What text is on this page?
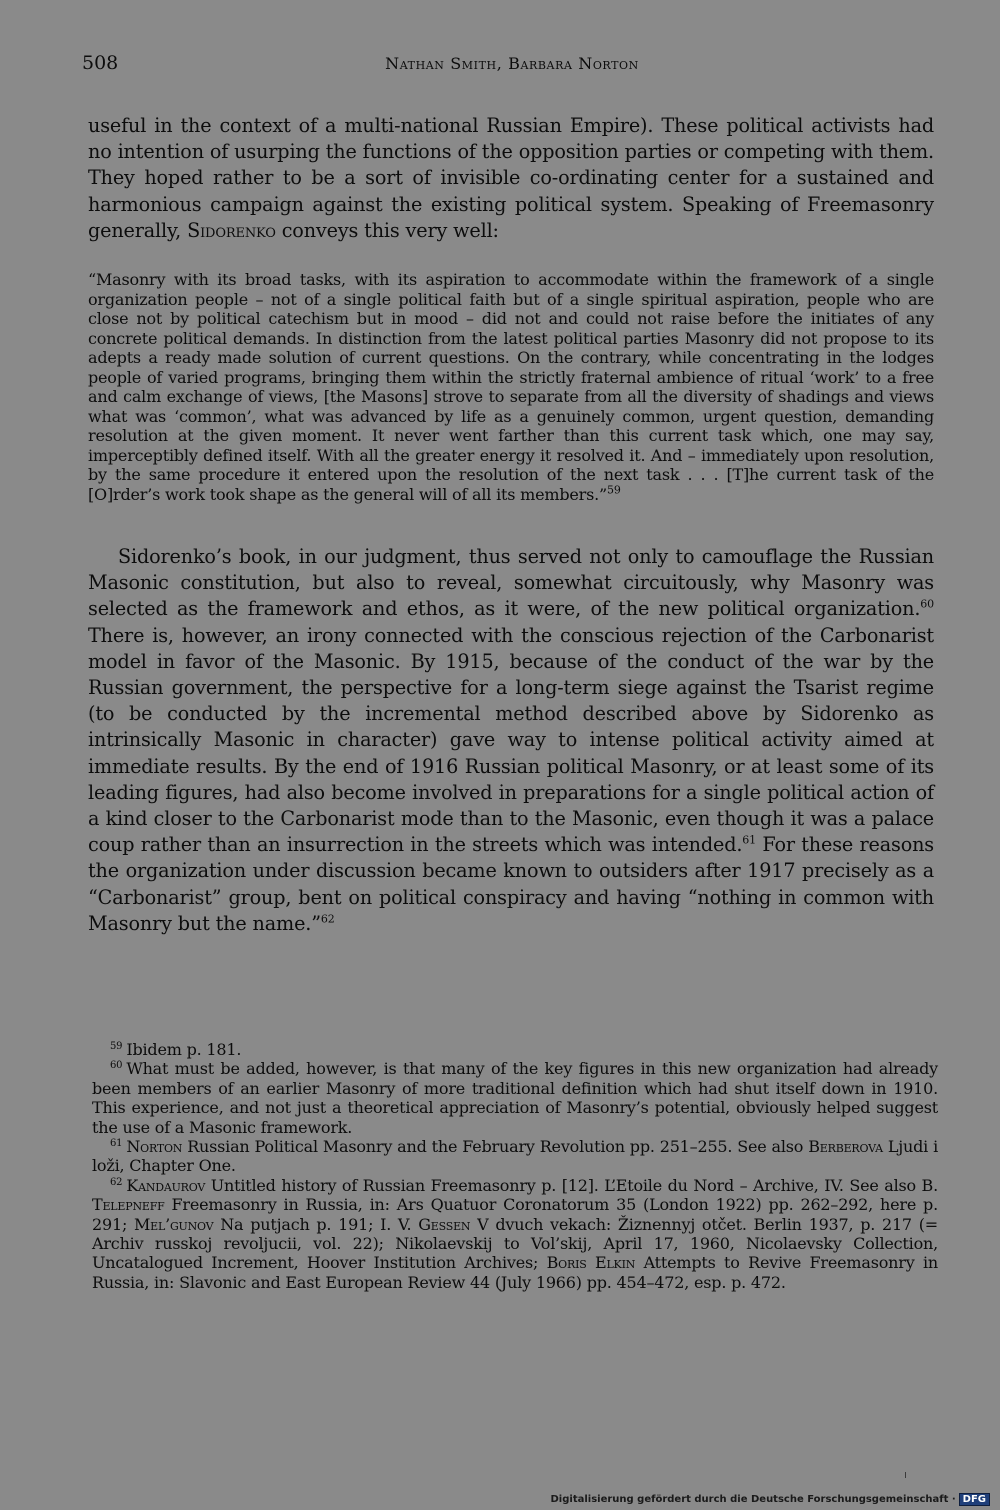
508	Nathan Smith, Barbara Norton

useful in the context of a multi-national Russian Empire). These political activists had no intention of usurping the functions of the opposition parties or competing with them. They hoped rather to be a sort of invisible co-ordinating center for a sustained and harmonious campaign against the existing political system. Speaking of Freemasonry generally, Sidorenko conveys this very well:

“Masonry with its broad tasks, with its aspiration to accommodate within the framework of a single organization people – not of a single political faith but of a single spiritual aspiration, people who are close not by political catechism but in mood – did not and could not raise before the initiates of any concrete political demands. In distinction from the latest political parties Masonry did not propose to its adepts a ready made solution of current questions. On the contrary, while concentrating in the lodges people of varied programs, bringing them within the strictly fraternal ambience of ritual ‘work’ to a free and calm exchange of views, [the Masons] strove to separate from all the diversity of shadings and views what was ‘common’, what was advanced by life as a genuinely common, urgent question, demanding resolution at the given moment. It never went farther than this current task which, one may say, imperceptibly defined itself. With all the greater energy it resolved it. And – immediately upon resolution, by the same procedure it entered upon the resolution of the next task . . . [T]he current task of the [O]rder’s work took shape as the general will of all its members.”$^{59}$

Sidorenko’s book, in our judgment, thus served not only to camouflage the Russian Masonic constitution, but also to reveal, somewhat circuitously, why Masonry was selected as the framework and ethos, as it were, of the new political organization.$^{60}$ There is, however, an irony connected with the conscious rejection of the Carbonarist model in favor of the Masonic. By 1915, because of the conduct of the war by the Russian government, the perspective for a long-term siege against the Tsarist regime (to be conducted by the incremental method described above by Sidorenko as intrinsically Masonic in character) gave way to intense political activity aimed at immediate results. By the end of 1916 Russian political Masonry, or at least some of its leading figures, had also become involved in preparations for a single political action of a kind closer to the Carbonarist mode than to the Masonic, even though it was a palace coup rather than an insurrection in the streets which was intended.$^{61}$ For these reasons the organization under discussion became known to outsiders after 1917 precisely as a “Carbonarist” group, bent on political conspiracy and having “nothing in common with Masonry but the name.”$^{62}$

$^{59}$ Ibidem p. 181.

$^{60}$ What must be added, however, is that many of the key figures in this new organization had already been members of an earlier Masonry of more traditional definition which had shut itself down in 1910. This experience, and not just a theoretical appreciation of Masonry’s potential, obviously helped suggest the use of a Masonic framework.

$^{61}$ Norton Russian Political Masonry and the February Revolution pp. 251–255. See also Berberova Ljudi i loži, Chapter One.

$^{62}$ Kandaurov Untitled history of Russian Freemasonry p. [12]. L’Etoile du Nord – Archive, IV. See also B. Telepneff Freemasonry in Russia, in: Ars Quatuor Coronatorum 35 (London 1922) pp. 262–292, here p. 291; Mel’gunov Na putjach p. 191; I. V. Gessen V dvuch vekach: Žiznennyj otčet. Berlin 1937, p. 217 (= Archiv russkoj revoljucii, vol. 22); Nikolaevskij to Vol’skij, April 17, 1960, Nicolaevsky Collection, Uncatalogued Increment, Hoover Institution Archives; Boris Elkin Attempts to Revive Freemasonry in Russia, in: Slavonic and East European Review 44 (July 1966) pp. 454–472, esp. p. 472.

Digitalisierung gefördert durch die Deutsche Forschungsgemeinschaft · DFG
